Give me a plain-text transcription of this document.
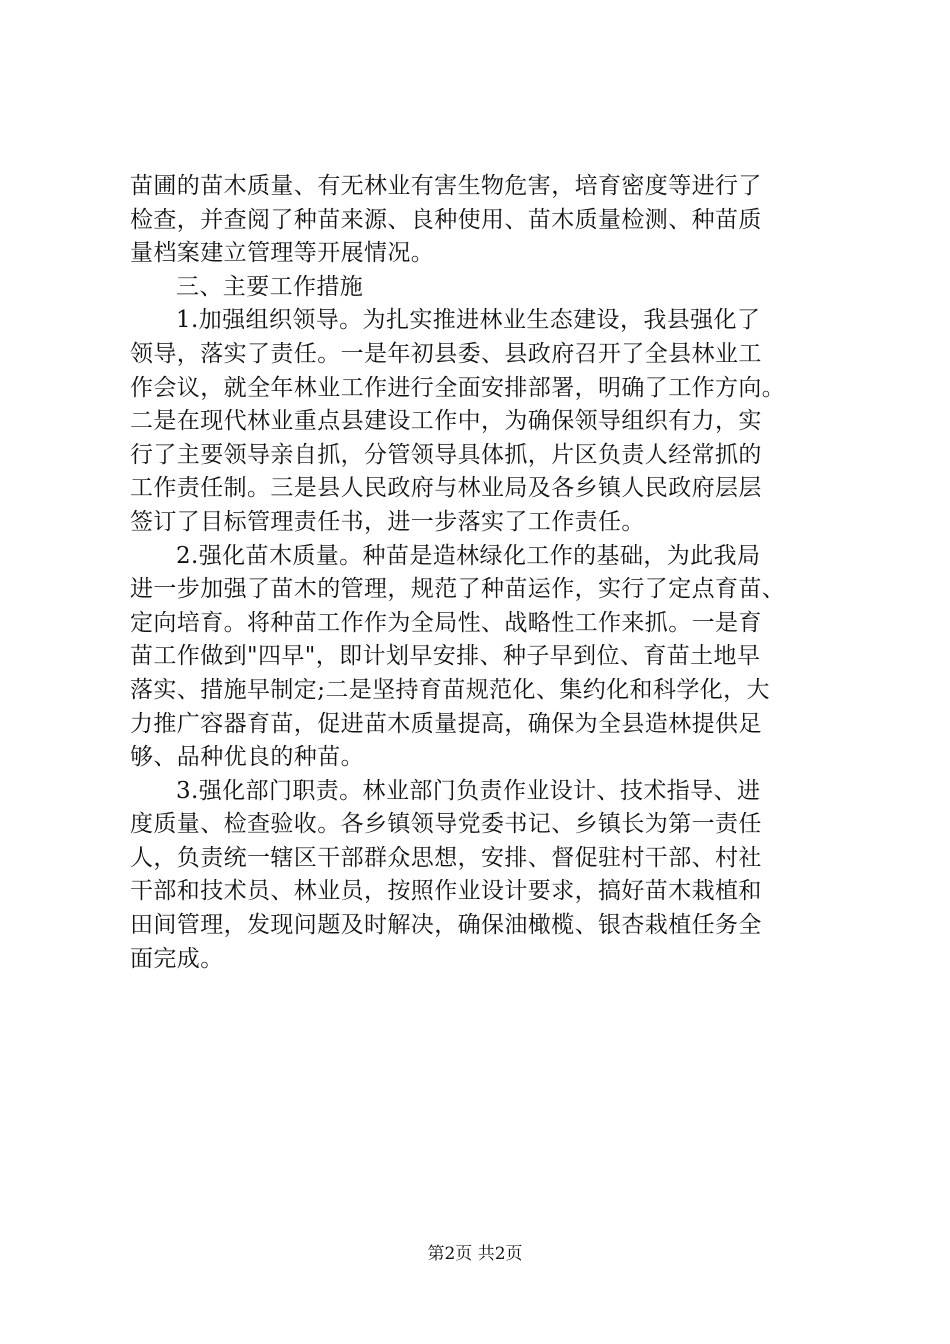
苗圃的苗木质量、有无林业有害生物危害，培育密度等进行了
检查，并查阅了种苗来源、良种使用、苗木质量检测、种苗质
量档案建立管理等开展情况。
三、主要工作措施
1.加强组织领导。为扎实推进林业生态建设，我县强化了
领导，落实了责任。一是年初县委、县政府召开了全县林业工
作会议，就全年林业工作进行全面安排部署，明确了工作方向。
二是在现代林业重点县建设工作中，为确保领导组织有力，实
行了主要领导亲自抓，分管领导具体抓，片区负责人经常抓的
工作责任制。三是县人民政府与林业局及各乡镇人民政府层层
签订了目标管理责任书，进一步落实了工作责任。
2.强化苗木质量。种苗是造林绿化工作的基础，为此我局
进一步加强了苗木的管理，规范了种苗运作，实行了定点育苗、
定向培育。将种苗工作作为全局性、战略性工作来抓。一是育
苗工作做到"四早"，即计划早安排、种子早到位、育苗土地早
落实、措施早制定;二是坚持育苗规范化、集约化和科学化，大
力推广容器育苗，促进苗木质量提高，确保为全县造林提供足
够、品种优良的种苗。
3.强化部门职责。林业部门负责作业设计、技术指导、进
度质量、检查验收。各乡镇领导党委书记、乡镇长为第一责任
人，负责统一辖区干部群众思想，安排、督促驻村干部、村社
干部和技术员、林业员，按照作业设计要求，搞好苗木栽植和
田间管理，发现问题及时解决，确保油橄榄、银杏栽植任务全
面完成。
第2页 共2页
